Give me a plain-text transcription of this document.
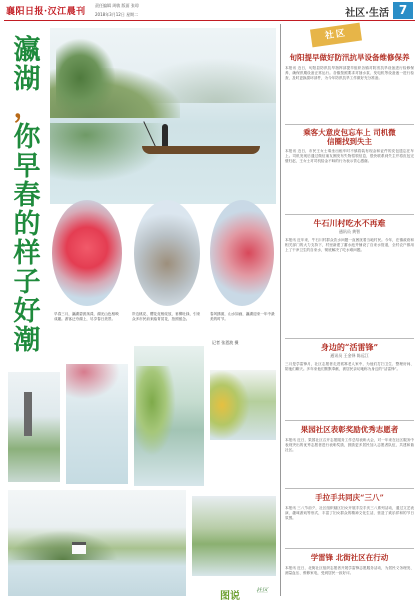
襄阳日报·汉江晨刊
责任编辑 周敏 版面 张琼
2018年3月12日 星期二	社区·生活 7
瀛
湖
，
你
早
春
的
样
子
好
潮
早春三月，瀛湖碧波荡漾，湖光山色相映成趣。游客泛舟湖上，尽享春日美景。
岸边桃花、樱花竞相绽放，垂柳吐绿，引来众多市民前来踏青赏花，拍照留念。
春风拂面，山水如画，瀛湖迎来一年中最美的时节。
记者 张恩波 摄
图说
社区
社区
旬阳提早做好防汛抗旱设备维修保养
本报讯 近日，旬阳县防汛抗旱指挥部提早组织各镇对防汛抗旱设备进行检修保养，确保汛期设备正常运行。各镇按照要求对抽水泵、发电机等设备逐一进行检查，及时更换损坏部件，为今年防汛抗旱工作做好充分准备。
乘客大意皮包忘车上 司机微信圈找到失主
本报讯 近日，市民王女士乘坐出租车时不慎将装有现金和证件的皮包遗忘在车上。司机发现后通过微信朋友圈发布失物招领信息，很快联系到失主并将皮包完璧归赵，王女士对司机拾金不昧的行为表示衷心感谢。
牛石川村吃水不再难
通讯员 黄智
本报讯 近年来，牛石川村群众饮水问题一直困扰着当地村民。今年，在镇政府和相关部门的大力支持下，村里新建了蓄水池并铺设了自来水管道，全村农户都用上了干净卫生的自来水，彻底解决了吃水难问题。
身边的“活雷锋”
通讯员 王金铎 陈远江
三月是学雷锋月，社区志愿者走进孤寡老人家中，为他们打扫卫生、整理房间、陪他们聊天。多年来他们默默奉献，被居民亲切地称为身边的“活雷锋”。
果园社区表彰奖励优秀志愿者
本报讯 近日，果园社区召开志愿服务工作总结表彰大会，对一年来在社区服务中表现突出的优秀志愿者进行表彰奖励，鼓励更多居民加入志愿者队伍，共建和谐社区。
手拉手共同庆“三八”
本报讯 三八节前夕，社区组织辖区妇女开展手拉手庆三八系列活动，通过文艺表演、趣味游戏等形式，丰富了妇女群众的精神文化生活，营造了欢乐祥和的节日氛围。
学雷锋 北街社区在行动
本报讯 近日，北街社区组织志愿者开展学雷锋志愿服务活动，为居民义务理发、测量血压、维修家电，受到居民一致好评。
